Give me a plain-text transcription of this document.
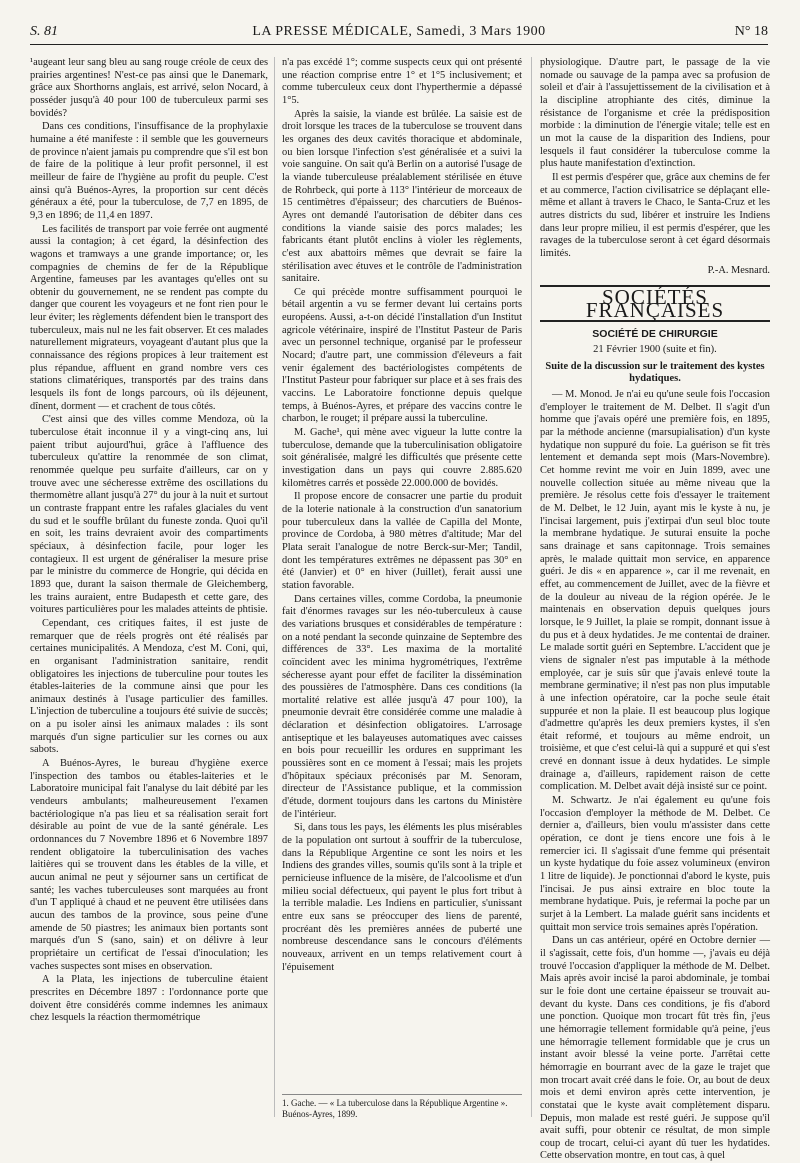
S. 81	LA PRESSE MÉDICALE, Samedi, 3 Mars 1900	N° 18

¹augeant leur sang bleu au sang rouge créole de ceux des prairies argentines! N'est-ce pas ainsi que le Danemark, grâce aux Shorthorns anglais, est arrivé, selon Nocard, à posséder jusqu'à 40 pour 100 de tuberculeux parmi ses bovidés?

Dans ces conditions, l'insuffisance de la prophylaxie humaine a été manifeste : il semble que les gouverneurs de province n'aient jamais pu comprendre que s'il est bon de faire de la politique à leur profit personnel, il est meilleur de faire de l'hygiène au profit du peuple. C'est ainsi qu'à Buénos-Ayres, la proportion sur cent décès généraux a été, pour la tuberculose, de 7,7 en 1895, de 9,3 en 1896; de 11,4 en 1897.

Les facilités de transport par voie ferrée ont augmenté aussi la contagion; à cet égard, la désinfection des wagons et tramways a une grande importance; or, les compagnies de chemins de fer de la République Argentine, fameuses par les avantages qu'elles ont su obtenir du gouvernement, ne se rendent pas compte du danger que courent les voyageurs et ne font rien pour le leur éviter; les règlements défendent bien le transport des tuberculeux, mais nul ne les fait observer. Et ces malades naturellement migrateurs, voyageant d'autant plus que la connaissance des régions propices à leur traitement est plus répandue, affluent en grand nombre vers ces stations climatériques, transportés par des trains dans lesquels ils font de longs parcours, où ils déjeunent, dînent, dorment — et crachent de tous côtés.

C'est ainsi que des villes comme Mendoza, où la tuberculose était inconnue il y a vingt-cinq ans, lui paient tribut aujourd'hui, grâce à l'affluence des tuberculeux qu'attire la renommée de son climat, renommée quelque peu surfaite d'ailleurs, car on y trouve avec une sécheresse extrême des oscillations du thermomètre allant jusqu'à 27° du jour à la nuit et surtout un contraste frappant entre les rafales glaciales du vent du sud et le souffle brûlant du funeste zonda. Quoi qu'il en soit, les trains devraient avoir des compartiments spéciaux, à désinfection facile, pour loger les contagieux. Il est urgent de généraliser la mesure prise par le ministre du commerce de Hongrie, qui décida en 1893 que, durant la saison thermale de Gleichemberg, les trains auraient, entre Budapesth et cette gare, des voitures particulières pour les malades atteints de phtisie.

Cependant, ces critiques faites, il est juste de remarquer que de réels progrès ont été réalisés par certaines municipalités. A Mendoza, c'est M. Coni, qui, en organisant l'administration sanitaire, rendit obligatoires les injections de tuberculine pour toutes les étables-laiteries de la commune ainsi que pour les animaux destinés à l'usage particulier des familles. L'injection de tuberculine a toujours été suivie de succès; on a pu isoler ainsi les animaux malades : ils sont marqués d'un signe particulier sur les cornes ou aux sabots.

A Buénos-Ayres, le bureau d'hygiène exerce l'inspection des tambos ou étables-laiteries et le Laboratoire municipal fait l'analyse du lait débité par les vendeurs ambulants; malheureusement l'examen bactériologique n'a pas lieu et sa réalisation serait fort désirable au point de vue de la santé générale. Les ordonnances du 7 Novembre 1896 et 6 Novembre 1897 rendent obligatoire la tuberculinisation des vaches laitières qui se trouvent dans les étables de la ville, et aucun animal ne peut y séjourner sans un certificat de santé; les vaches tuberculeuses sont marquées au front d'un T appliqué à chaud et ne peuvent être utilisées dans aucun des tambos de la province, sous peine d'une amende de 50 piastres; les animaux bien portants sont marqués d'un S (sano, sain) et on délivre à leur propriétaire un certificat de l'essai d'inoculation; les vaches suspectes sont mises en observation.

A la Plata, les injections de tuberculine étaient prescrites en Décembre 1897 : l'ordonnance porte que doivent être considérés comme indemnes les animaux chez lesquels la réaction thermométrique

n'a pas excédé 1°; comme suspects ceux qui ont présenté une réaction comprise entre 1° et 1°5 inclusivement; et comme tuberculeux ceux dont l'hyperthermie a dépassé 1°5.

Après la saisie, la viande est brûlée. La saisie est de droit lorsque les traces de la tuberculose se trouvent dans les organes des deux cavités thoracique et abdominale, ou bien lorsque l'infection s'est généralisée et a suivi la voie sanguine. On sait qu'à Berlin on a autorisé l'usage de la viande tuberculeuse préalablement stérilisée en étuve de Rohrbeck, qui porte à 113° l'intérieur de morceaux de 15 centimètres d'épaisseur; des charcutiers de Buénos-Ayres ont demandé l'autorisation de débiter dans ces conditions la viande saisie des porcs malades; les fabricants étant plutôt enclins à violer les règlements, c'est aux abattoirs mêmes que devrait se faire la stérilisation avec étuves et le contrôle de l'administration sanitaire.

Ce qui précède montre suffisamment pourquoi le bétail argentin a vu se fermer devant lui certains ports européens. Aussi, a-t-on décidé l'installation d'un Institut agricole vétérinaire, inspiré de l'Institut Pasteur de Paris avec un personnel technique, organisé par le professeur Nocard; d'autre part, une commission d'éleveurs a fait venir également des bactériologistes compétents de l'Institut Pasteur pour fabriquer sur place et à ses frais des vaccins. Le Laboratoire fonctionne depuis quelque temps, à Buénos-Ayres, et prépare des vaccins contre le charbon, le rouget; il prépare aussi la tuberculine.

M. Gache¹, qui mène avec vigueur la lutte contre la tuberculose, demande que la tuberculinisation obligatoire soit généralisée, malgré les difficultés que présente cette investigation dans un pays qui couvre 2.885.620 kilomètres carrés et possède 22.000.000 de bovidés.

Il propose encore de consacrer une partie du produit de la loterie nationale à la construction d'un sanatorium pour tuberculeux dans la vallée de Capilla del Monte, province de Cordoba, à 980 mètres d'altitude; Mar del Plata serait l'analogue de notre Berck-sur-Mer; Tandil, dont les températures extrêmes ne dépassent pas 30° en été (Janvier) et 0° en hiver (Juillet), ferait aussi une station favorable.

Dans certaines villes, comme Cordoba, la pneumonie fait d'énormes ravages sur les néo-tuberculeux à cause des variations brusques et considérables de température : on a noté pendant la seconde quinzaine de Septembre des différences de 33°. Les maxima de la mortalité coïncident avec les minima hygrométriques, l'extrême sécheresse ayant pour effet de faciliter la dissémination des poussières de l'atmosphère. Dans ces conditions (la mortalité relative est allée jusqu'à 47 pour 100), la pneumonie devrait être considérée comme une maladie à déclaration et désinfection obligatoires. L'arrosage antiseptique et les balayeuses automatiques avec caisses en bois pour recueillir les ordures en supprimant les poussières sont en ce moment à l'essai; mais les projets d'hôpitaux spéciaux préconisés par M. Senoram, directeur de l'Assistance publique, et la commission d'étude, dorment toujours dans les cartons du Ministère de l'intérieur.

Si, dans tous les pays, les éléments les plus misérables de la population ont surtout à souffrir de la tuberculose, dans la République Argentine ce sont les noirs et les Indiens des grandes villes, soumis qu'ils sont à la triple et pernicieuse influence de la misère, de l'alcoolisme et d'un milieu social défectueux, qui payent le plus fort tribut à la terrible maladie. Les Indiens en particulier, s'unissant entre eux sans se préoccuper des liens de parenté, procréant dès les premières années de puberté une nombreuse descendance sans le concours d'éléments nouveaux, arrivent en un temps relativement court à l'épuisement

1. Gache. — « La tuberculose dans la République Argentine ». Buénos-Ayres, 1899.

physiologique. D'autre part, le passage de la vie nomade ou sauvage de la pampa avec sa profusion de soleil et d'air à l'assujettissement de la civilisation et à la discipline atrophiante des cités, diminue la résistance de l'organisme et crée la prédisposition morbide : la diminution de l'énergie vitale; telle est en un mot la cause de la disparition des Indiens, pour lesquels il faut considérer la tuberculose comme la plus haute manifestation d'extinction.

Il est permis d'espérer que, grâce aux chemins de fer et au commerce, l'action civilisatrice se déplaçant elle-même et allant à travers le Chaco, le Santa-Cruz et les autres districts du sud, libérer et instruire les Indiens dans leur propre milieu, il est permis d'espérer, que les ravages de la tuberculose seront à cet égard désormais limités.

P.-A. Mesnard.

SOCIÉTÉS FRANÇAISES
SOCIÉTÉ DE CHIRURGIE
21 Février 1900 (suite et fin).
Suite de la discussion sur le traitement des kystes hydatiques.

— M. Monod. Je n'ai eu qu'une seule fois l'occasion d'employer le traitement de M. Delbet. Il s'agit d'un homme que j'avais opéré une première fois, en 1895, par la méthode ancienne (marsupialisation) d'un kyste hydatique non suppuré du foie. La guérison se fit très lentement et demanda sept mois (Mars-Novembre). Cet homme revint me voir en Juin 1899, avec une nouvelle collection située au même niveau que la première. Je résolus cette fois d'essayer le traitement de M. Delbet, le 12 Juin, ayant mis le kyste à nu, je l'incisai largement, puis j'extirpai d'un seul bloc toute la membrane hydatique. Je suturai ensuite la poche sans drainage et sans capitonnage. Trois semaines après, le malade quittait mon service, en apparence guéri. Je dis « en apparence », car il me revenait, en effet, au commencement de Juillet, avec de la fièvre et de la douleur au niveau de la région opérée. Je le maintenais en observation depuis quelques jours lorsque, le 9 Juillet, la plaie se rompit, donnant issue à du pus et à deux hydatides. Je me contentai de drainer. Le malade sortit guéri en Septembre. L'accident que je viens de signaler n'est pas imputable à la méthode employée, car je suis sûr que j'avais enlevé toute la membrane germinative; il n'est pas non plus imputable à une infection opératoire, car la poche seule était suppurée et non la plaie. Il est beaucoup plus logique d'admettre qu'après les deux premiers kystes, il s'en était reformé, et toujours au même endroit, un troisième, et que c'est celui-là qui a suppuré et qui s'est crevé en donnant issue à deux hydatides. Le simple drainage a, d'ailleurs, rapidement raison de cette complication. M. Delbet avait déjà insisté sur ce point.

M. Schwartz. Je n'ai également eu qu'une fois l'occasion d'employer la méthode de M. Delbet. Ce dernier a, d'ailleurs, bien voulu m'assister dans cette opération, ce dont je tiens encore une fois à le remercier ici. Il s'agissait d'une femme qui présentait un kyste hydatique du foie assez volumineux (environ 1 litre de liquide). Je ponctionnai d'abord le kyste, puis l'incisai. Je pus ainsi extraire en bloc toute la membrane hydatique. Puis, je refermai la poche par un surjet à la Lembert. La malade guérit sans incidents et quittait mon service trois semaines après l'opération.

Dans un cas antérieur, opéré en Octobre dernier — il s'agissait, cette fois, d'un homme —, j'avais eu déjà trouvé l'occasion d'appliquer la méthode de M. Delbet. Mais après avoir incisé la paroi abdominale, je tombai sur le foie dont une certaine épaisseur se trouvait au-devant du kyste. Dans ces conditions, je fis d'abord une ponction. Quoique mon trocart fût très fin, j'eus une hémorragie tellement formidable qu'à peine, j'eus une hémorragie tellement formidable que je crus un instant avoir blessé la veine porte. J'arrêtai cette hémorragie en bourrant avec de la gaze le trajet que mon trocart avait créé dans le foie. Or, au bout de deux mois et demi environ après cette intervention, je constatai que le kyste avait complètement disparu. Depuis, mon malade est resté guéri. Je suppose qu'il avait suffi, pour obtenir ce résultat, de mon simple coup de trocart, celui-ci ayant dû tuer les hydatides. Cette observation montre, en tout cas, à quel
